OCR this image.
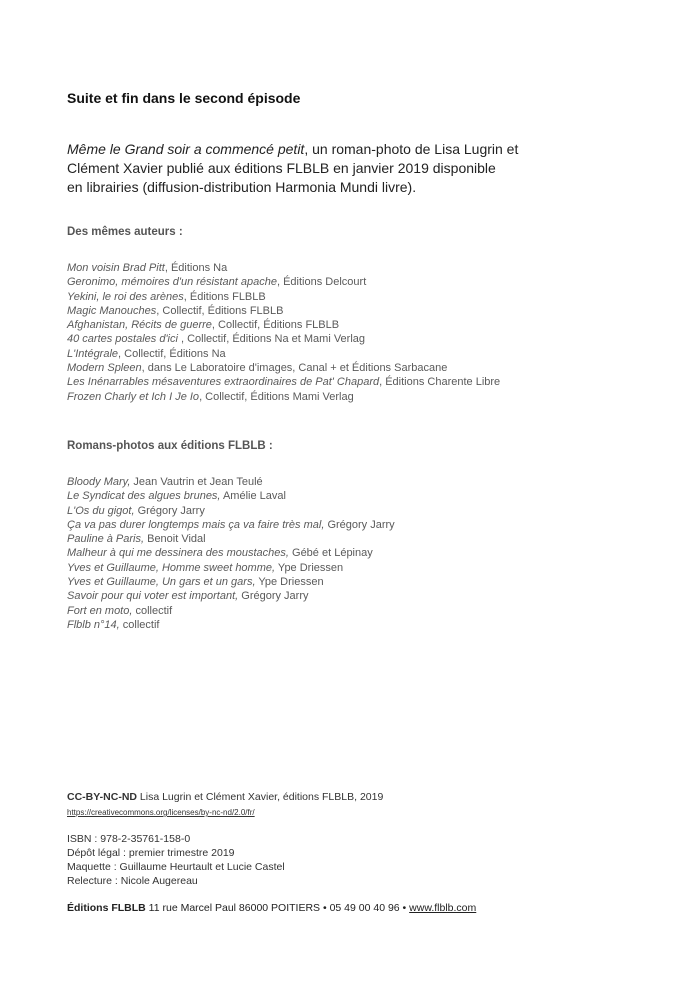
Suite et fin dans le second épisode
Même le Grand soir a commencé petit, un roman-photo de Lisa Lugrin et
Clément Xavier publié aux éditions FLBLB en janvier 2019 disponible
en librairies (diffusion-distribution Harmonia Mundi livre).
Des mêmes auteurs :
Mon voisin Brad Pitt, Éditions Na
Geronimo, mémoires d'un résistant apache, Éditions Delcourt
Yekini, le roi des arènes, Éditions FLBLB
Magic Manouches, Collectif, Éditions FLBLB
Afghanistan, Récits de guerre, Collectif, Éditions FLBLB
40 cartes postales d'ici , Collectif, Éditions Na et Mami Verlag
L'Intégrale, Collectif, Éditions Na
Modern Spleen, dans Le Laboratoire d'images, Canal + et Éditions Sarbacane
Les Inénarrables mésaventures extraordinaires de Pat' Chapard, Éditions Charente Libre
Frozen Charly et Ich I Je Io, Collectif, Éditions Mami Verlag
Romans-photos aux éditions FLBLB :
Bloody Mary, Jean Vautrin et Jean Teulé
Le Syndicat des algues brunes, Amélie Laval
L'Os du gigot, Grégory Jarry
Ça va pas durer longtemps mais ça va faire très mal, Grégory Jarry
Pauline à Paris, Benoit Vidal
Malheur à qui me dessinera des moustaches, Gébé et Lépinay
Yves et Guillaume, Homme sweet homme, Ype Driessen
Yves et Guillaume, Un gars et un gars, Ype Driessen
Savoir pour qui voter est important, Grégory Jarry
Fort en moto, collectif
Flblb n°14, collectif
CC-BY-NC-ND Lisa Lugrin et Clément Xavier, éditions FLBLB, 2019
https://creativecommons.org/licenses/by-nc-nd/2.0/fr/
ISBN : 978-2-35761-158-0
Dépôt légal : premier trimestre 2019
Maquette : Guillaume Heurtault et Lucie Castel
Relecture : Nicole Augereau
Éditions FLBLB 11 rue Marcel Paul 86000 POITIERS • 05 49 00 40 96 • www.flblb.com
